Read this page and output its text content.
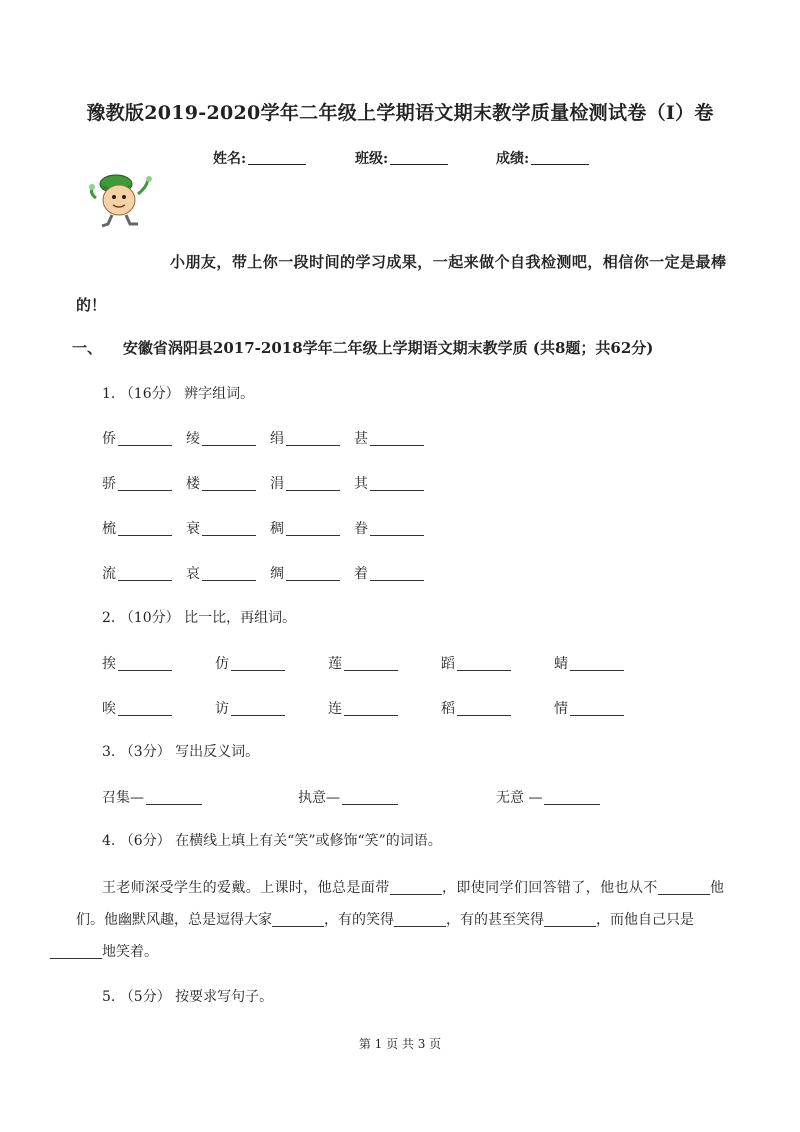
豫教版2019-2020学年二年级上学期语文期末教学质量检测试卷（I）卷
姓名:	班级:	成绩:
小朋友，带上你一段时间的学习成果，一起来做个自我检测吧，相信你一定是最棒的！
一、 安徽省涡阳县2017-2018学年二年级上学期语文期末教学质 (共8题；共62分)
1. （16分） 辨字组词。
侨	绫	绢	甚
骄	楼	涓	其
梳	衰	稠	眷
流	哀	绸	着
2. （10分） 比一比，再组词。
挨	仿	莲	蹈	蜻
唉	访	连	稻	情
3. （3分） 写出反义词。
召集—	执意—	无意 —
4. （6分） 在横线上填上有关“笑”或修饰“笑”的词语。
王老师深受学生的爱戴。上课时，他总是面带	，即使同学们回答错了，他也从不	他们。他幽默风趣，总是逗得大家	，有的笑得	，有的甚至笑得	，而他自己只是
地笑着。
5. （5分） 按要求写句子。
第 1 页 共 3 页
